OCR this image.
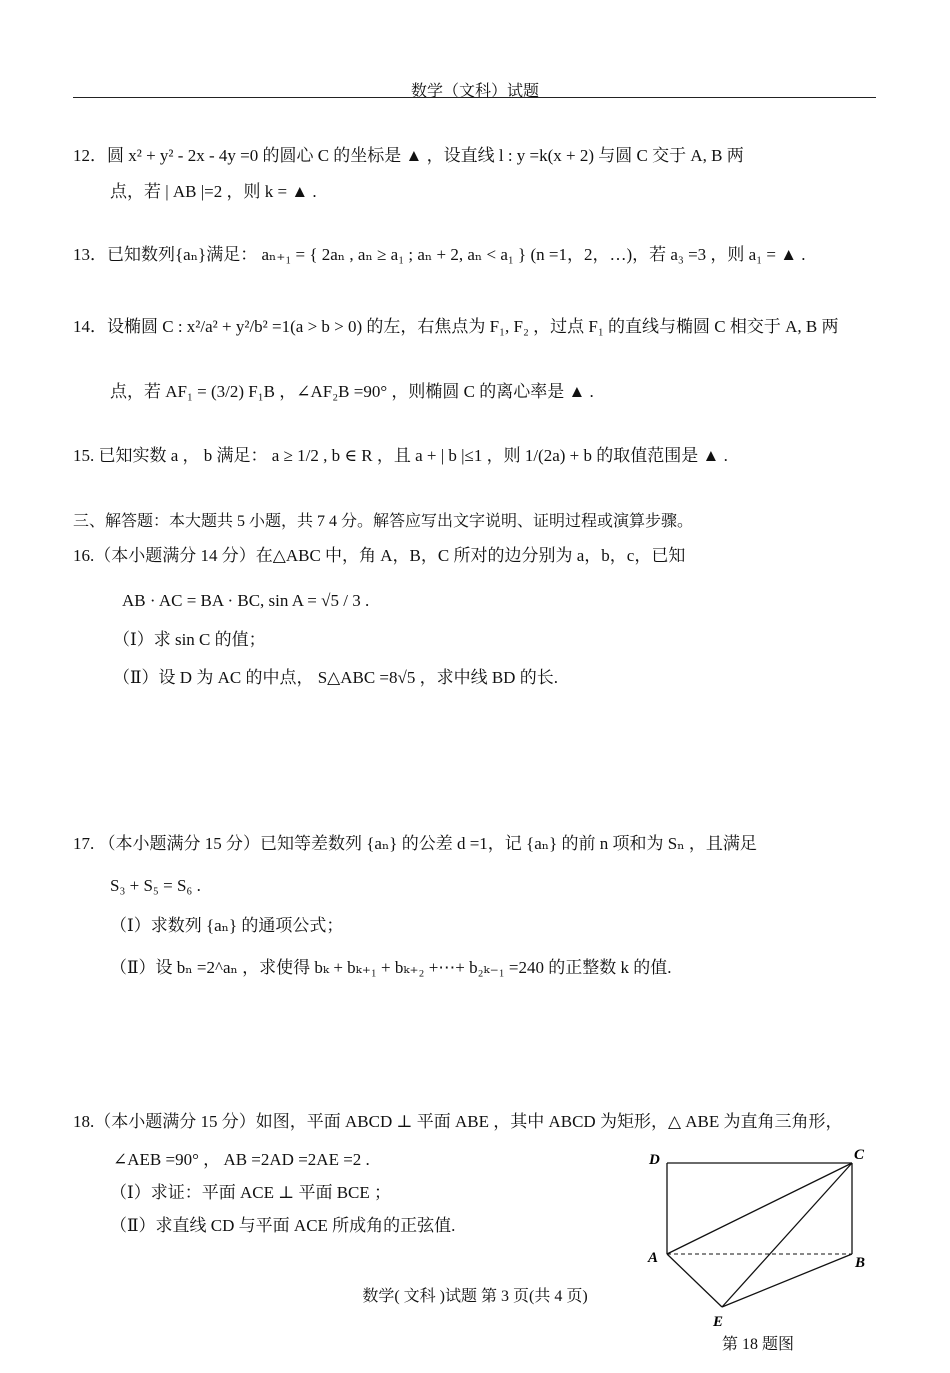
数学（文科）试题
12．圆 x² + y² - 2x - 4y =0 的圆心 C 的坐标是 ▲ ，设直线 l : y =k(x + 2) 与圆 C 交于 A, B 两
点，若 | AB |=2 ，则 k = ▲ .
13．已知数列{aₙ}满足： aₙ₊₁ = { 2aₙ , aₙ ≥ a₁ ; aₙ + 2, aₙ < a₁ } (n =1，2，…)，若 a₃ =3 ，则 a₁ = ▲ .
14．设椭圆 C : x²/a² + y²/b² =1(a > b > 0) 的左，右焦点为 F₁, F₂ ，过点 F₁ 的直线与椭圆 C 相交于 A, B 两
点，若 AF₁ = (3/2) F₁B ，∠AF₂B =90° ，则椭圆 C 的离心率是 ▲ .
15. 已知实数 a ， b 满足： a ≥ 1/2 , b ∈ R ，且 a + | b |≤1 ，则 1/(2a) + b 的取值范围是 ▲ .
三、解答题：本大题共 5 小题，共 7 4 分。解答应写出文字说明、证明过程或演算步骤。
16.（本小题满分 14 分）在△ABC 中，角 A，B，C 所对的边分别为 a，b，c，已知
AB · AC = BA · BC, sin A = √5 / 3 .
（Ⅰ）求 sin C 的值；
（Ⅱ）设 D 为 AC 的中点， S△ABC =8√5 ，求中线 BD 的长.
17. （本小题满分 15 分）已知等差数列 {aₙ} 的公差 d =1，记 {aₙ} 的前 n 项和为 Sₙ ，且满足
S₃ + S₅ = S₆ .
（Ⅰ）求数列 {aₙ} 的通项公式；
（Ⅱ）设 bₙ =2^aₙ ，求使得 bₖ + bₖ₊₁ + bₖ₊₂ +⋯+ b₂ₖ₋₁ =240 的正整数 k 的值.
18.（本小题满分 15 分）如图，平面 ABCD ⊥ 平面 ABE ，其中 ABCD 为矩形，△ ABE 为直角三角形，
∠AEB =90° ， AB =2AD =2AE =2 .
（Ⅰ）求证：平面 ACE ⊥ 平面 BCE ；
（Ⅱ）求直线 CD 与平面 ACE 所成角的正弦值.
D	C
A	B
E
第 18 题图
数学( 文科 )试题 第 3 页(共 4 页)
